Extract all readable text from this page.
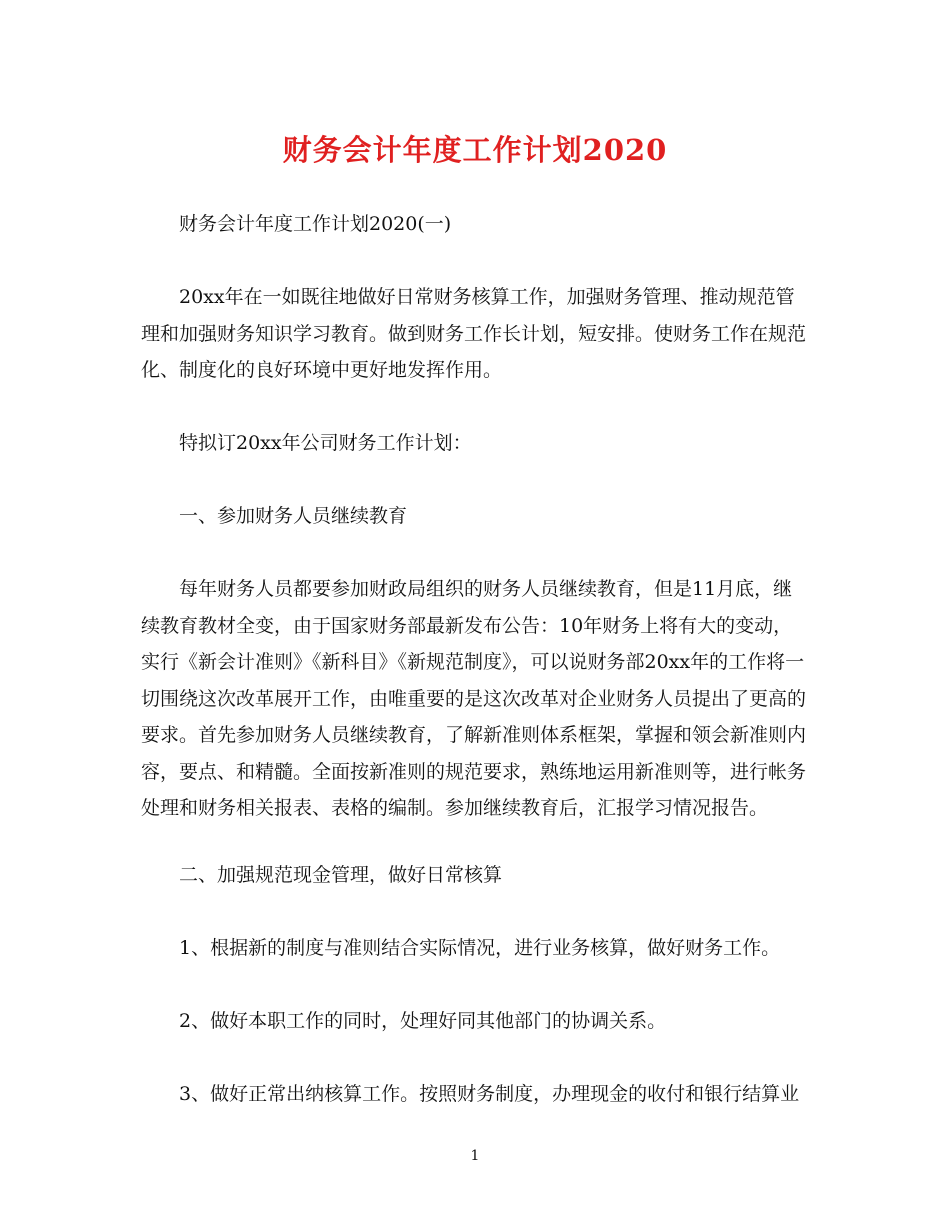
财务会计年度工作计划2020

财务会计年度工作计划2020(一)

20xx年在一如既往地做好日常财务核算工作，加强财务管理、推动规范管理和加强财务知识学习教育。做到财务工作长计划，短安排。使财务工作在规范化、制度化的良好环境中更好地发挥作用。

特拟订20xx年公司财务工作计划：

一、参加财务人员继续教育

每年财务人员都要参加财政局组织的财务人员继续教育，但是11月底，继续教育教材全变，由于国家财务部最新发布公告：10年财务上将有大的变动，实行《新会计准则》《新科目》《新规范制度》，可以说财务部20xx年的工作将一切围绕这次改革展开工作，由唯重要的是这次改革对企业财务人员提出了更高的要求。首先参加财务人员继续教育，了解新准则体系框架，掌握和领会新准则内容，要点、和精髓。全面按新准则的规范要求，熟练地运用新准则等，进行帐务处理和财务相关报表、表格的编制。参加继续教育后，汇报学习情况报告。

二、加强规范现金管理，做好日常核算

1、根据新的制度与准则结合实际情况，进行业务核算，做好财务工作。

2、做好本职工作的同时，处理好同其他部门的协调关系。

3、做好正常出纳核算工作。按照财务制度，办理现金的收付和银行结算业

1
